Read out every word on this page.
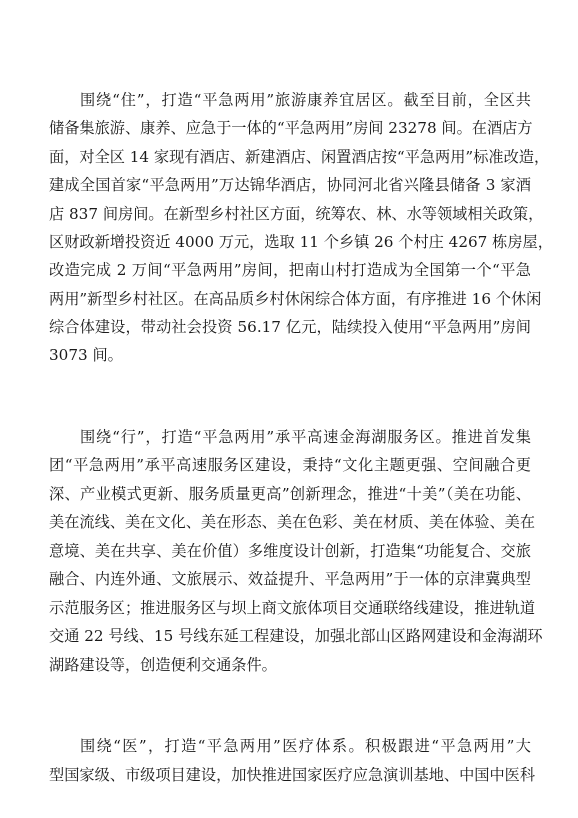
围绕“住”，打造“平急两用”旅游康养宜居区。截至目前，全区共
储备集旅游、康养、应急于一体的“平急两用”房间 23278 间。在酒店方
面，对全区 14 家现有酒店、新建酒店、闲置酒店按“平急两用”标准改造，
建成全国首家“平急两用”万达锦华酒店，协同河北省兴隆县储备 3 家酒
店 837 间房间。在新型乡村社区方面，统筹农、林、水等领域相关政策，
区财政新增投资近 4000 万元，选取 11 个乡镇 26 个村庄 4267 栋房屋，
改造完成 2 万间“平急两用”房间，把南山村打造成为全国第一个“平急
两用”新型乡村社区。在高品质乡村休闲综合体方面，有序推进 16 个休闲
综合体建设，带动社会投资 56.17 亿元，陆续投入使用“平急两用”房间
3073 间。
围绕“行”，打造“平急两用”承平高速金海湖服务区。推进首发集
团“平急两用”承平高速服务区建设，秉持“文化主题更强、空间融合更
深、产业模式更新、服务质量更高”创新理念，推进“十美”（美在功能、
美在流线、美在文化、美在形态、美在色彩、美在材质、美在体验、美在
意境、美在共享、美在价值）多维度设计创新，打造集“功能复合、交旅
融合、内连外通、文旅展示、效益提升、平急两用”于一体的京津冀典型
示范服务区；推进服务区与坝上商文旅体项目交通联络线建设，推进轨道
交通 22 号线、15 号线东延工程建设，加强北部山区路网建设和金海湖环
湖路建设等，创造便利交通条件。
围绕“医”，打造“平急两用”医疗体系。积极跟进“平急两用”大
型国家级、市级项目建设，加快推进国家医疗应急演训基地、中国中医科
